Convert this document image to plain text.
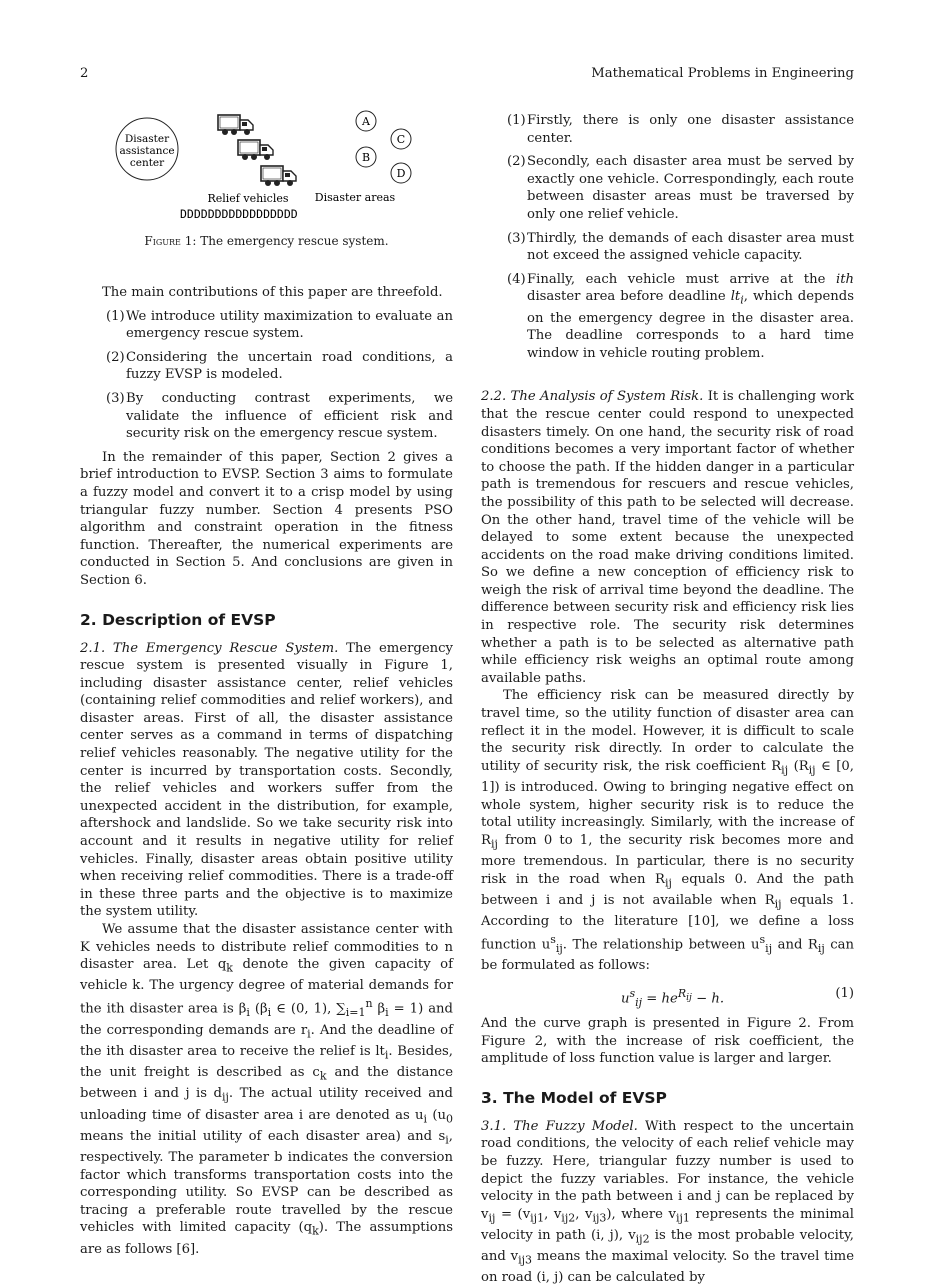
2	Mathematical Problems in Engineering
Disaster
assistance
center
A
B
C
D
Relief vehicles Disaster areas
DDDDDDDDDDDDDDDDD
Figure 1: The emergency rescue system.

The main contributions of this paper are threefold.

(1) We introduce utility maximization to evaluate an emergency rescue system.
(2) Considering the uncertain road conditions, a fuzzy EVSP is modeled.
(3) By conducting contrast experiments, we validate the influence of efficient risk and security risk on the emergency rescue system.

In the remainder of this paper, Section 2 gives a brief introduction to EVSP. Section 3 aims to formulate a fuzzy model and convert it to a crisp model by using triangular fuzzy number. Section 4 presents PSO algorithm and constraint operation in the fitness function. Thereafter, the numerical experiments are conducted in Section 5. And conclusions are given in Section 6.

2. Description of EVSP

2.1. The Emergency Rescue System. The emergency rescue system is presented visually in Figure 1, including disaster assistance center, relief vehicles (containing relief commodities and relief workers), and disaster areas. First of all, the disaster assistance center serves as a command in terms of dispatching relief vehicles reasonably. The negative utility for the center is incurred by transportation costs. Secondly, the relief vehicles and workers suffer from the unexpected accident in the distribution, for example, aftershock and landslide. So we take security risk into account and it results in negative utility for relief vehicles. Finally, disaster areas obtain positive utility when receiving relief commodities. There is a trade-off in these three parts and the objective is to maximize the system utility.

We assume that the disaster assistance center with K vehicles needs to distribute relief commodities to n disaster area. Let $q_k$ denote the given capacity of vehicle k. The urgency degree of material demands for the ith disaster area is $\beta_i$ ($\beta_i$ ∈ (0, 1), $\sum_{i=1}^n$ $\beta_i = 1$) and the corresponding demands are $r_i$. And the deadline of the ith disaster area to receive the relief is $lt_i$. Besides, the unit freight is described as $c_k$ and the distance between i and j is $d_{ij}$. The actual utility received and unloading time of disaster area i are denoted as $u_i$ ($u_0$ means the initial utility of each disaster area) and $s_i$, respectively. The parameter b indicates the conversion factor which transforms transportation costs into the corresponding utility. So EVSP can be described as tracing a preferable route travelled by the rescue vehicles with limited capacity $(q_k)$. The assumptions are as follows [6].

(1) Firstly, there is only one disaster assistance center.
(2) Secondly, each disaster area must be served by exactly one vehicle. Correspondingly, each route between disaster areas must be traversed by only one relief vehicle.
(3) Thirdly, the demands of each disaster area must not exceed the assigned vehicle capacity.
(4) Finally, each vehicle must arrive at the ith disaster area before deadline $lt_i$, which depends on the emergency degree in the disaster area. The deadline corresponds to a hard time window in vehicle routing problem.

2.2. The Analysis of System Risk. It is challenging work that the rescue center could respond to unexpected disasters timely. On one hand, the security risk of road conditions becomes a very important factor of whether to choose the path. If the hidden danger in a particular path is tremendous for rescuers and rescue vehicles, the possibility of this path to be selected will decrease. On the other hand, travel time of the vehicle will be delayed to some extent because the unexpected accidents on the road make driving conditions limited. So we define a new conception of efficiency risk to weigh the risk of arrival time beyond the deadline. The difference between security risk and efficiency risk lies in respective role. The security risk determines whether a path is to be selected as alternative path while efficiency risk weighs an optimal route among available paths.

The efficiency risk can be measured directly by travel time, so the utility function of disaster area can reflect it in the model. However, it is difficult to scale the security risk directly. In order to calculate the utility of security risk, the risk coefficient $R_{ij}$ ($R_{ij}$ ∈ [0, 1]) is introduced. Owing to bringing negative effect on whole system, higher security risk is to reduce the total utility increasingly. Similarly, with the increase of $R_{ij}$ from 0 to 1, the security risk becomes more and more tremendous. In particular, there is no security risk in the road when $R_{ij}$ equals 0. And the path between i and j is not available when $R_{ij}$ equals 1. According to the literature [10], we define a loss function $u^s_{ij}$. The relationship between $u^s_{ij}$ and $R_{ij}$ can be formulated as follows:

$u^s_{ij} = he^{R_{ij}} - h$.	(1)

And the curve graph is presented in Figure 2. From Figure 2, with the increase of risk coefficient, the amplitude of loss function value is larger and larger.

3. The Model of EVSP

3.1. The Fuzzy Model. With respect to the uncertain road conditions, the velocity of each relief vehicle may be fuzzy. Here, triangular fuzzy number is used to depict the fuzzy variables. For instance, the vehicle velocity in the path between i and j can be replaced by $v_{ij} = (v_{ij1}$, $v_{ij2}$, $v_{ij3}$), where $v_{ij1}$ represents the minimal velocity in path (i, j), $v_{ij2}$ is the most probable velocity, and $v_{ij3}$ means the maximal velocity. So the travel time on road (i, j) can be calculated by
